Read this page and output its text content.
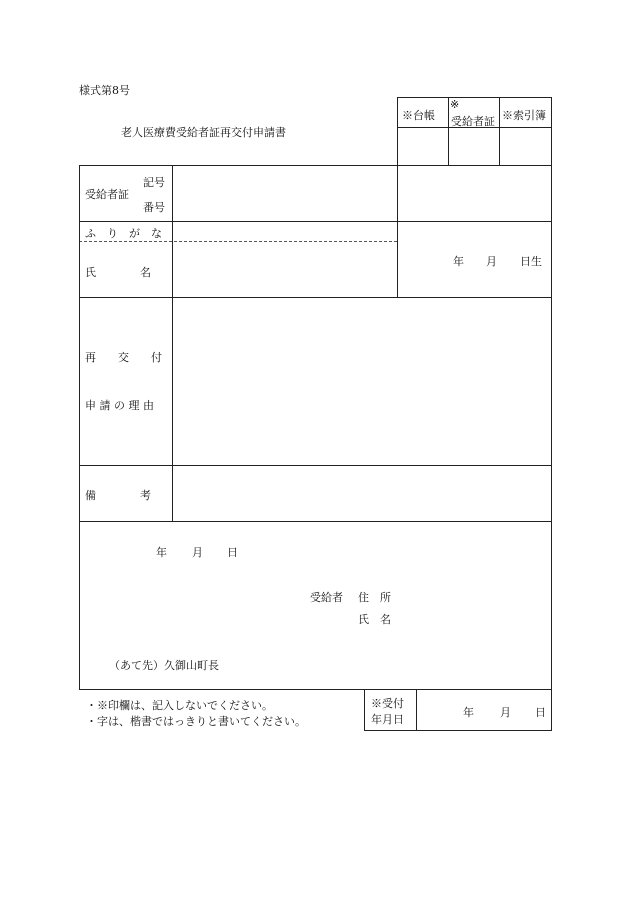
様式第8号
老人医療費受給者証再交付申請書
※台帳
※
受給者証 ※索引簿
受給者証
記号
番号
ふ　り　が　な
氏　　　　名
年 月 日生
再　　交　　付
申 請 の 理 由
備　　　　考
年 月 日
受給者 住　所
氏　名
（あて先）久御山町長
・※印欄は、記入しないでください。
・字は、楷書ではっきりと書いてください。
※受付
年月日
年 月 日
